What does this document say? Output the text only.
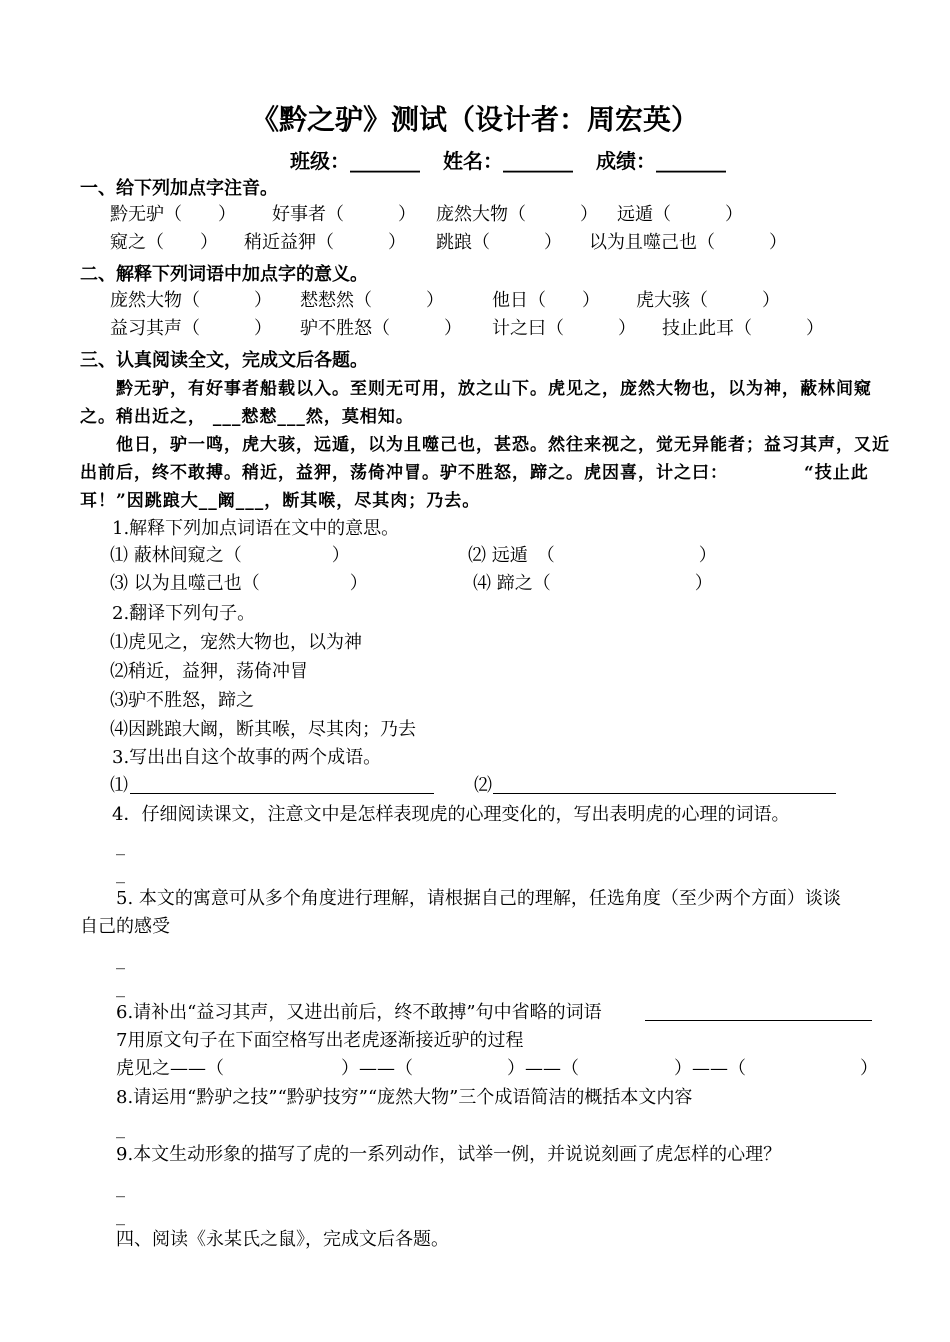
《黔之驴》测试（设计者：周宏英）
班级：_______ 姓名：_______ 成绩：_______
一、给下列加点字注音。
黔无驴（　　） 好事者（　　　） 庞然大物（　　　） 远遁（　　　）
窥之（　　） 稍近益狎（　　　） 跳踉（　　　） 以为且噬己也（　　　）
二、解释下列词语中加点字的意义。
庞然大物（　　　） 慭慭然（　　　）	他日（　　） 虎大骇（　　　）
益习其声（　　　） 驴不胜怒（　　　） 计之曰（　　　） 技止此耳（　　　）
三、认真阅读全文，完成文后各题。
黔无驴，有好事者船载以入。至则无可用，放之山下。虎见之，庞然大物也，以为神，蔽林间窥
之。稍出近之， ___慭慭___然，莫相知。
他日，驴一鸣，虎大骇，远遁，以为且噬己也，甚恐。然往来视之，觉无异能者；益习其声，又近
出前后，终不敢搏。稍近，益狎，荡倚冲冒。驴不胜怒，蹄之。虎因喜，计之曰：	“技止此
耳！”因跳踉大__阚___，断其喉，尽其肉；乃去。
1.解释下列加点词语在文中的意思。
⑴ 蔽林间窥之（　　　　　）	⑵ 远遁　（　　　　　　　　）
⑶ 以为且噬己也（　　　　　）	⑷ 蹄之（　　　　　　　　）
2.翻译下列句子。
⑴虎见之，宠然大物也，以为神
⑵稍近，益狎，荡倚冲冒
⑶驴不胜怒，蹄之
⑷因跳踉大阚，断其喉，尽其肉；乃去
3.写出出自这个故事的两个成语。
⑴	⑵
4．仔细阅读课文，注意文中是怎样表现虎的心理变化的，写出表明虎的心理的词语。
_
_
5. 本文的寓意可从多个角度进行理解，请根据自己的理解，任选角度（至少两个方面）谈谈
自己的感受
_
_
6.请补出“益习其声，又进出前后，终不敢搏”句中省略的词语
7用原文句子在下面空格写出老虎逐渐接近驴的过程
虎见之——（	）——（	）——（	）——（	）
8.请运用“黔驴之技”“黔驴技穷”“庞然大物”三个成语简洁的概括本文内容
_
9.本文生动形象的描写了虎的一系列动作，试举一例，并说说刻画了虎怎样的心理？
_
_
四、阅读《永某氏之鼠》，完成文后各题。
